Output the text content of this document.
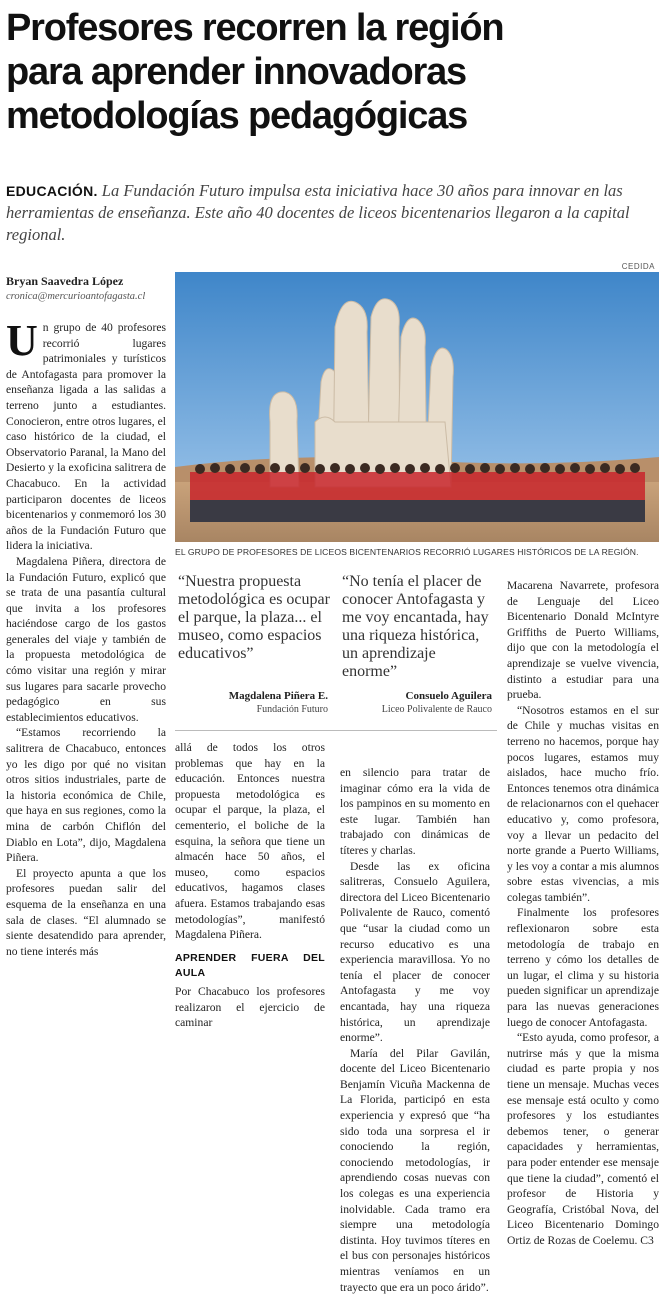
Profesores recorren la región
para aprender innovadoras
metodologías pedagógicas

EDUCACIÓN. La Fundación Futuro impulsa esta iniciativa hace 30 años para innovar en las herramientas de enseñanza. Este año 40 docentes de liceos bicentenarios llegaron a la capital regional.

Bryan Saavedra López
cronica@mercurioantofagasta.cl
CEDIDA
EL GRUPO DE PROFESORES DE LICEOS BICENTENARIOS RECORRIÓ LUGARES HISTÓRICOS DE LA REGIÓN.

Un grupo de 40 profesores recorrió lugares patrimoniales y turísticos de Antofagasta para promover la enseñanza ligada a las salidas a terreno junto a estudiantes. Conocieron, entre otros lugares, el caso histórico de la ciudad, el Observatorio Paranal, la Mano del Desierto y la exoficina salitrera de Chacabuco. En la actividad participaron docentes de liceos bicentenarios y conmemoró los 30 años de la Fundación Futuro que lidera la iniciativa.

Magdalena Piñera, directora de la Fundación Futuro, explicó que se trata de una pasantía cultural que invita a los profesores haciéndose cargo de los gastos generales del viaje y también de la propuesta metodológica de cómo visitar una región y mirar sus lugares para sacarle provecho pedagógico en sus establecimientos educativos.

“Estamos recorriendo la salitrera de Chacabuco, entonces yo les digo por qué no visitan otros sitios industriales, parte de la historia económica de Chile, que haya en sus regiones, como la mina de carbón Chiflón del Diablo en Lota”, dijo, Magdalena Piñera.

El proyecto apunta a que los profesores puedan salir del esquema de la enseñanza en una sala de clases. “El alumnado se siente desatendido para aprender, no tiene interés más

“Nuestra propuesta metodológica es ocupar el parque, la plaza... el museo, como espacios educativos”
Magdalena Piñera E.
Fundación Futuro
“No tenía el placer de conocer Antofagasta y me voy encantada, hay una riqueza histórica, un aprendizaje enorme”
Consuelo Aguilera
Liceo Polivalente de Rauco

allá de todos los otros problemas que hay en la educación. Entonces nuestra propuesta metodológica es ocupar el parque, la plaza, el cementerio, el boliche de la esquina, la señora que tiene un almacén hace 50 años, el museo, como espacios educativos, hagamos clases afuera. Estamos trabajando esas metodologías”, manifestó Magdalena Piñera.

APRENDER FUERA DEL AULA

Por Chacabuco los profesores realizaron el ejercicio de caminar

en silencio para tratar de imaginar cómo era la vida de los pampinos en su momento en este lugar. También han trabajado con dinámicas de títeres y charlas.

Desde las ex oficina salitreras, Consuelo Aguilera, directora del Liceo Bicentenario Polivalente de Rauco, comentó que “usar la ciudad como un recurso educativo es una experiencia maravillosa. Yo no tenía el placer de conocer Antofagasta y me voy encantada, hay una riqueza histórica, un aprendizaje enorme”.

María del Pilar Gavilán, docente del Liceo Bicentenario Benjamín Vicuña Mackenna de La Florida, participó en esta experiencia y expresó que “ha sido toda una sorpresa el ir conociendo la región, conociendo metodologías, ir aprendiendo cosas nuevas con los colegas es una experiencia inolvidable. Cada tramo era siempre una metodología distinta. Hoy tuvimos títeres en el bus con personajes históricos mientras veníamos en un trayecto que era un poco árido”.

Macarena Navarrete, profesora de Lenguaje del Liceo Bicentenario Donald McIntyre Griffiths de Puerto Williams, dijo que con la metodología el aprendizaje se vuelve vivencia, distinto a estudiar para una prueba.

“Nosotros estamos en el sur de Chile y muchas visitas en terreno no hacemos, porque hay pocos lugares, estamos muy aislados, hace mucho frío. Entonces tenemos otra dinámica de relacionarnos con el quehacer educativo y, como profesora, voy a llevar un pedacito del norte grande a Puerto Williams, y les voy a contar a mis alumnos sobre estas vivencias, a mis colegas también”.

Finalmente los profesores reflexionaron sobre esta metodología de trabajo en terreno y cómo los detalles de un lugar, el clima y su historia pueden significar un aprendizaje para las nuevas generaciones luego de conocer Antofagasta.

“Esto ayuda, como profesor, a nutrirse más y que la misma ciudad es parte propia y nos tiene un mensaje. Muchas veces ese mensaje está oculto y como profesores y los estudiantes debemos tener, o generar capacidades y herramientas, para poder entender ese mensaje que tiene la ciudad”, comentó el profesor de Historia y Geografía, Cristóbal Nova, del Liceo Bicentenario Domingo Ortiz de Rozas de Coelemu. C3
